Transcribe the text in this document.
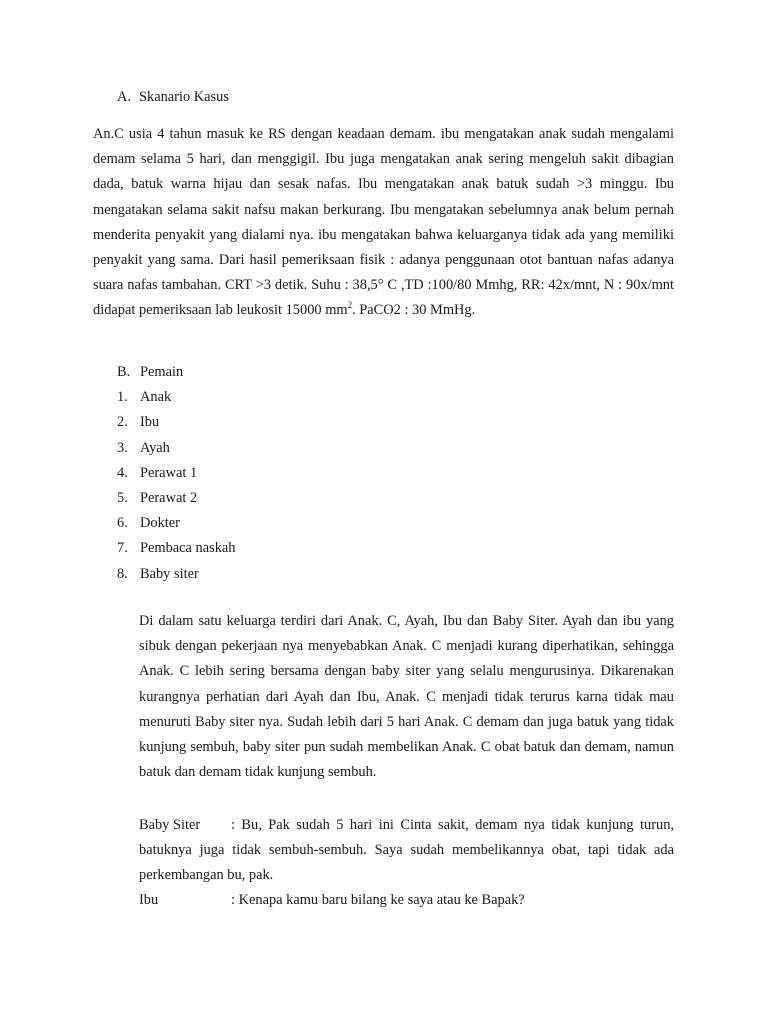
A. Skanario Kasus

An.C usia 4 tahun masuk ke RS dengan keadaan demam. ibu mengatakan anak sudah mengalami demam selama 5 hari, dan menggigil. Ibu juga mengatakan anak sering mengeluh sakit dibagian dada, batuk warna hijau dan sesak nafas. Ibu mengatakan anak batuk sudah >3 minggu. Ibu mengatakan selama sakit nafsu makan berkurang. Ibu mengatakan sebelumnya anak belum pernah menderita penyakit yang dialami nya. ibu mengatakan bahwa keluarganya tidak ada yang memiliki penyakit yang sama. Dari hasil pemeriksaan fisik : adanya penggunaan otot bantuan nafas adanya suara nafas tambahan. CRT >3 detik. Suhu : 38,5° C ,TD :100/80 Mmhg, RR: 42x/mnt, N : 90x/mnt didapat pemeriksaan lab leukosit 15000 $mm^2$. PaCO2 : 30 MmHg.

B. Pemain
1. Anak
2. Ibu
3. Ayah
4. Perawat 1
5. Perawat 2
6. Dokter
7. Pembaca naskah
8. Baby siter

Di dalam satu keluarga terdiri dari Anak. C, Ayah, Ibu dan Baby Siter. Ayah dan ibu yang sibuk dengan pekerjaan nya menyebabkan Anak. C menjadi kurang diperhatikan, sehingga Anak. C lebih sering bersama dengan baby siter yang selalu mengurusinya. Dikarenakan kurangnya perhatian dari Ayah dan Ibu, Anak. C menjadi tidak terurus karna tidak mau menuruti Baby siter nya. Sudah lebih dari 5 hari Anak. C demam dan juga batuk yang tidak kunjung sembuh, baby siter pun sudah membelikan Anak. C obat batuk dan demam, namun batuk dan demam tidak kunjung sembuh.

Baby Siter	: Bu, Pak sudah 5 hari ini Cinta sakit, demam nya tidak kunjung turun, batuknya juga tidak sembuh-sembuh. Saya sudah membelikannya obat, tapi tidak ada perkembangan bu, pak.
Ibu	: Kenapa kamu baru bilang ke saya atau ke Bapak?
